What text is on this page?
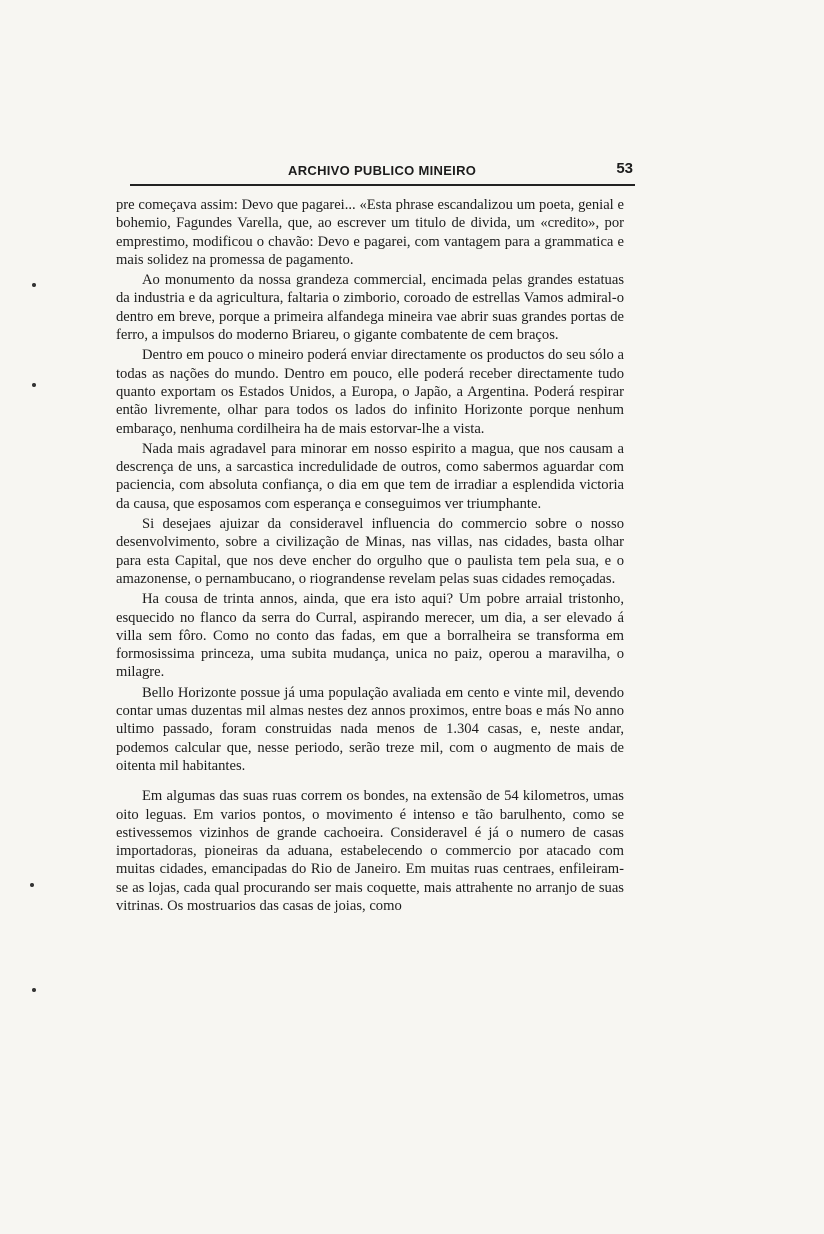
ARCHIVO PUBLICO MINEIRO	53

pre começava assim: Devo que pagarei... «Esta phrase escandalizou um poeta, genial e bohemio, Fagundes Varella, que, ao escrever um titulo de divida, um «credito», por emprestimo, modificou o chavão: Devo e pagarei, com vantagem para a grammatica e mais solidez na promessa de pagamento.

Ao monumento da nossa grandeza commercial, encimada pelas grandes estatuas da industria e da agricultura, faltaria o zimborio, coroado de estrellas Vamos admiral-o dentro em breve, porque a primeira alfandega mineira vae abrir suas grandes portas de ferro, a impulsos do moderno Briareu, o gigante combatente de cem braços.

Dentro em pouco o mineiro poderá enviar directamente os productos do seu sólo a todas as nações do mundo. Dentro em pouco, elle poderá receber directamente tudo quanto exportam os Estados Unidos, a Europa, o Japão, a Argentina. Poderá respirar então livremente, olhar para todos os lados do infinito Horizonte porque nenhum embaraço, nenhuma cordilheira ha de mais estorvar-lhe a vista.

Nada mais agradavel para minorar em nosso espirito a magua, que nos causam a descrença de uns, a sarcastica incredulidade de outros, como sabermos aguardar com paciencia, com absoluta confiança, o dia em que tem de irradiar a esplendida victoria da causa, que esposamos com esperança e conseguimos ver triumphante.

Si desejaes ajuizar da consideravel influencia do commercio sobre o nosso desenvolvimento, sobre a civilização de Minas, nas villas, nas cidades, basta olhar para esta Capital, que nos deve encher do orgulho que o paulista tem pela sua, e o amazonense, o pernambucano, o riograndense revelam pelas suas cidades remoçadas.

Ha cousa de trinta annos, ainda, que era isto aqui? Um pobre arraial tristonho, esquecido no flanco da serra do Curral, aspirando merecer, um dia, a ser elevado á villa sem fôro. Como no conto das fadas, em que a borralheira se transforma em formosissima princeza, uma subita mudança, unica no paiz, operou a maravilha, o milagre.

Bello Horizonte possue já uma população avaliada em cento e vinte mil, devendo contar umas duzentas mil almas nestes dez annos proximos, entre boas e más No anno ultimo passado, foram construidas nada menos de 1.304 casas, e, neste andar, podemos calcular que, nesse periodo, serão treze mil, com o augmento de mais de oitenta mil habitantes.

Em algumas das suas ruas correm os bondes, na extensão de 54 kilometros, umas oito leguas. Em varios pontos, o movimento é intenso e tão barulhento, como se estivessemos vizinhos de grande cachoeira. Consideravel é já o numero de casas importadoras, pioneiras da aduana, estabelecendo o commercio por atacado com muitas cidades, emancipadas do Rio de Janeiro. Em muitas ruas centraes, enfileiram-se as lojas, cada qual procurando ser mais coquette, mais attrahente no arranjo de suas vitrinas. Os mostruarios das casas de joias, como
